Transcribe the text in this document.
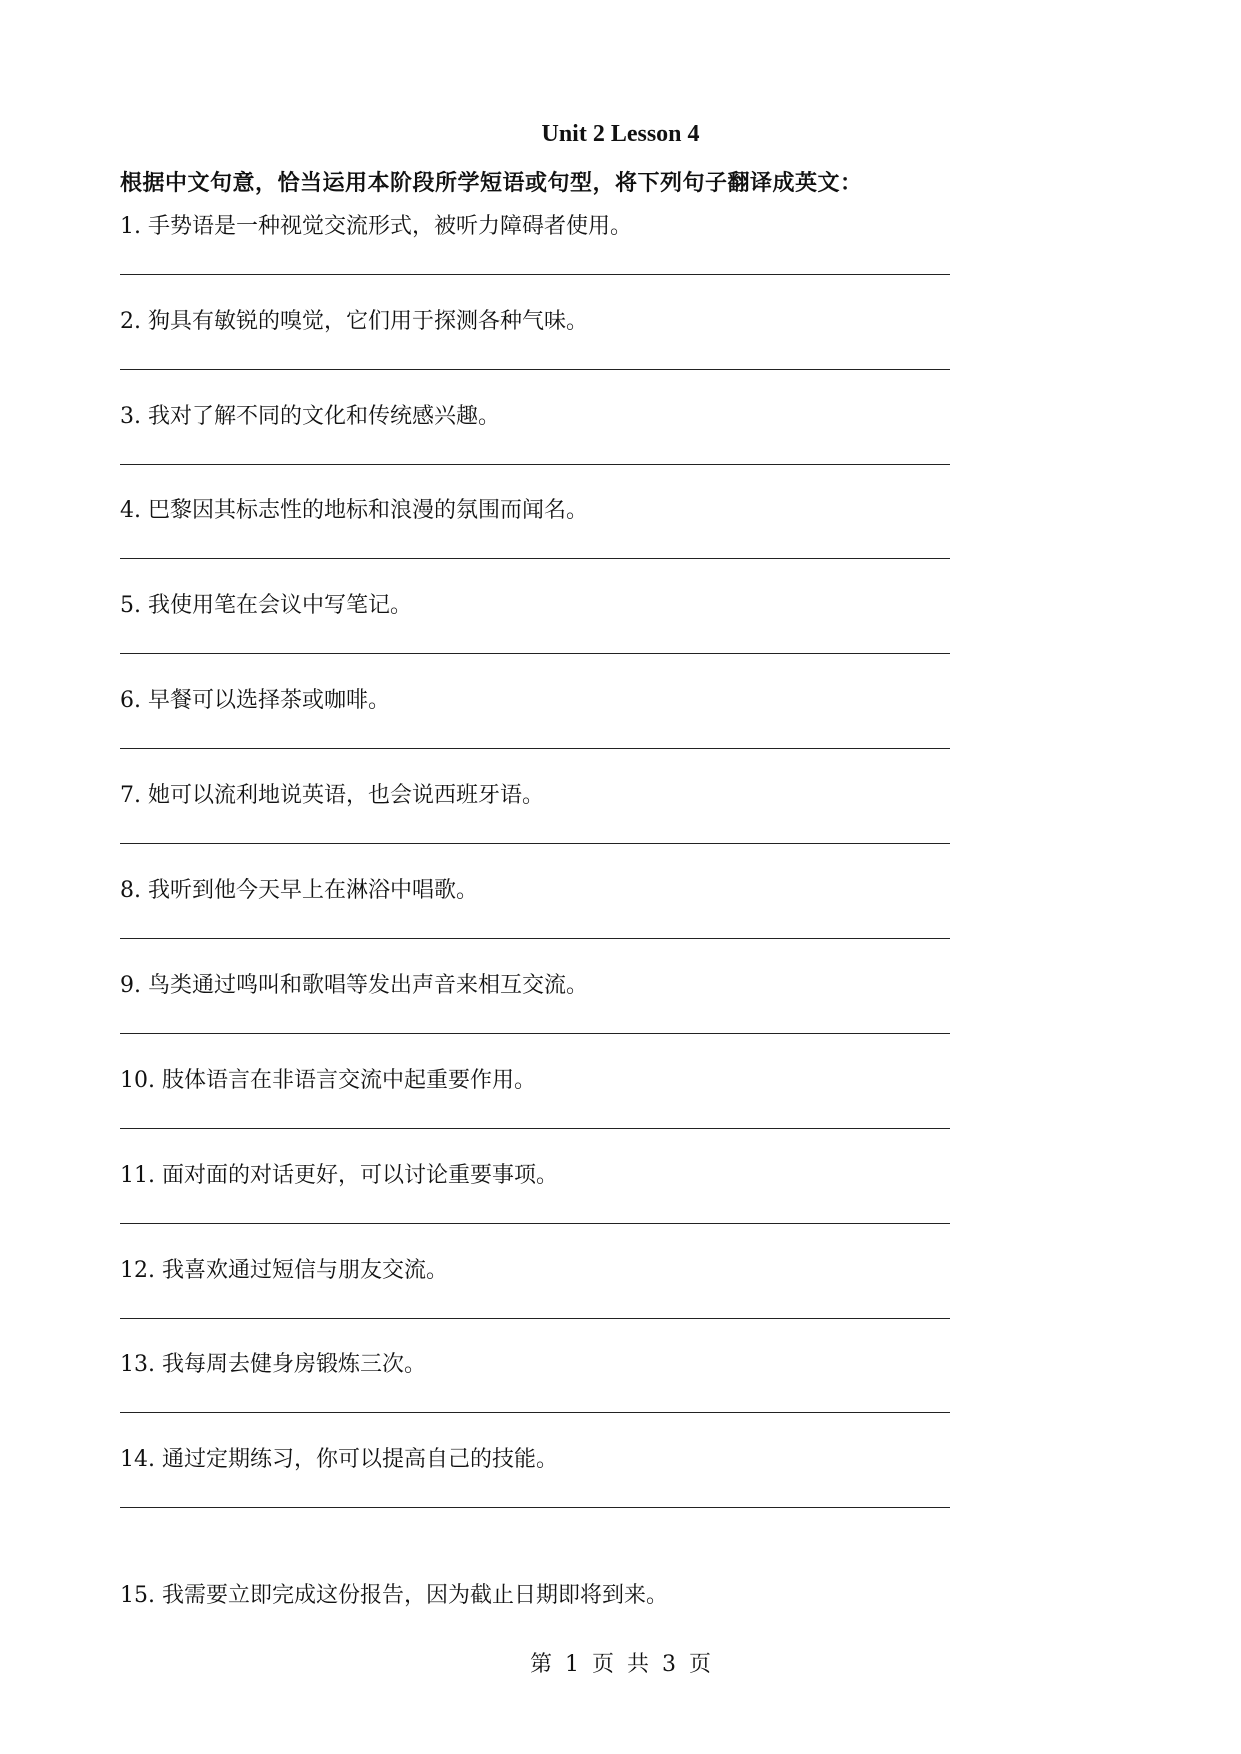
Unit 2 Lesson 4
根据中文句意，恰当运用本阶段所学短语或句型，将下列句子翻译成英文：
1. 手势语是一种视觉交流形式，被听力障碍者使用。
2. 狗具有敏锐的嗅觉，它们用于探测各种气味。
3. 我对了解不同的文化和传统感兴趣。
4. 巴黎因其标志性的地标和浪漫的氛围而闻名。
5. 我使用笔在会议中写笔记。
6. 早餐可以选择茶或咖啡。
7. 她可以流利地说英语，也会说西班牙语。
8. 我听到他今天早上在淋浴中唱歌。
9. 鸟类通过鸣叫和歌唱等发出声音来相互交流。
10. 肢体语言在非语言交流中起重要作用。
11. 面对面的对话更好，可以讨论重要事项。
12. 我喜欢通过短信与朋友交流。
13. 我每周去健身房锻炼三次。
14. 通过定期练习，你可以提高自己的技能。
15. 我需要立即完成这份报告，因为截止日期即将到来。
第 1 页 共 3 页
